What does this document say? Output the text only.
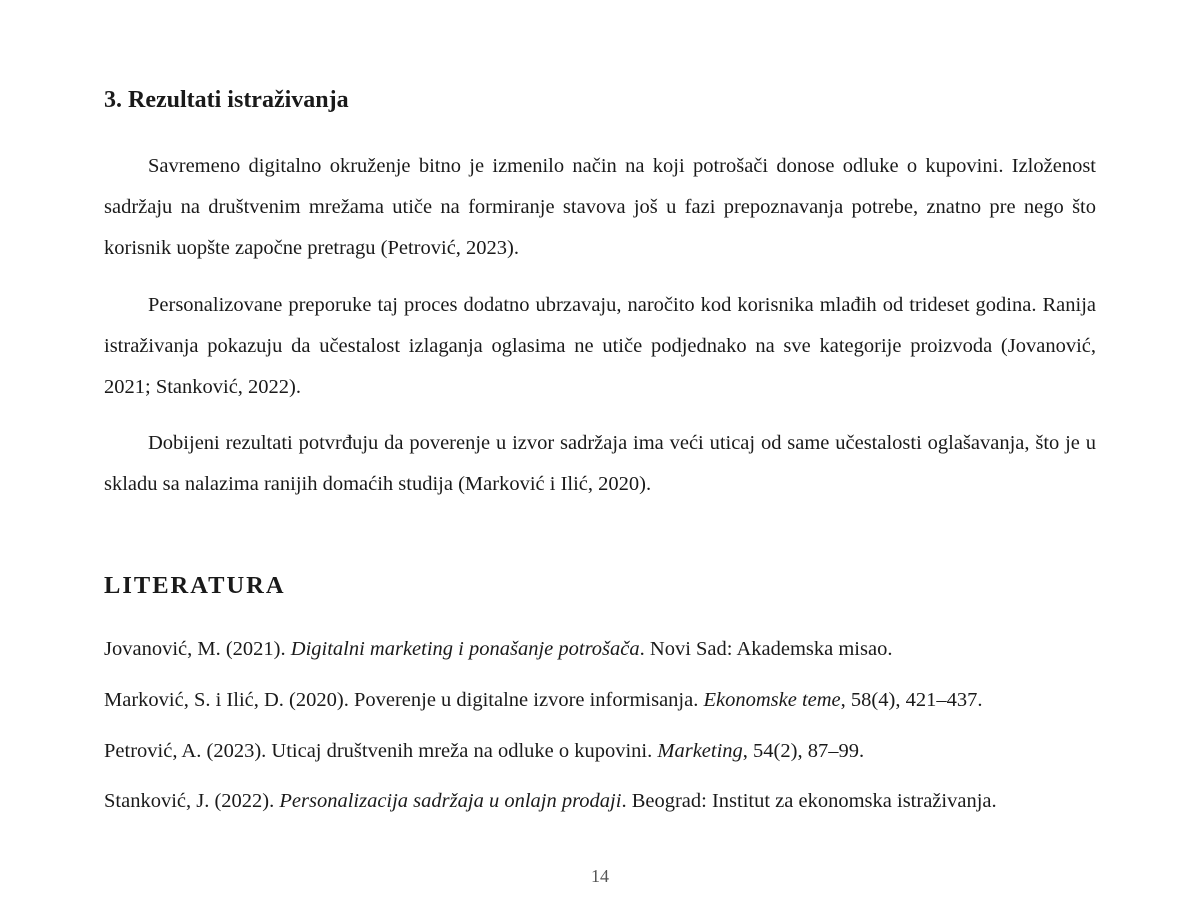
3. Rezultati istraživanja

Savremeno digitalno okruženje bitno je izmenilo način na koji potrošači donose odluke o kupovini. Izloženost sadržaju na društvenim mrežama utiče na formiranje stavova još u fazi prepoznavanja potrebe, znatno pre nego što korisnik uopšte započne pretragu (Petrović, 2023).

Personalizovane preporuke taj proces dodatno ubrzavaju, naročito kod korisnika mlađih od trideset godina. Ranija istraživanja pokazuju da učestalost izlaganja oglasima ne utiče podjednako na sve kategorije proizvoda (Jovanović, 2021; Stanković, 2022).

Dobijeni rezultati potvrđuju da poverenje u izvor sadržaja ima veći uticaj od same učestalosti oglašavanja, što je u skladu sa nalazima ranijih domaćih studija (Marković i Ilić, 2020).

LITERATURA

Jovanović, M. (2021). Digitalni marketing i ponašanje potrošača. Novi Sad: Akademska misao.

Marković, S. i Ilić, D. (2020). Poverenje u digitalne izvore informisanja. Ekonomske teme, 58(4), 421–437.

Petrović, A. (2023). Uticaj društvenih mreža na odluke o kupovini. Marketing, 54(2), 87–99.

Stanković, J. (2022). Personalizacija sadržaja u onlajn prodaji. Beograd: Institut za ekonomska istraživanja.

14
